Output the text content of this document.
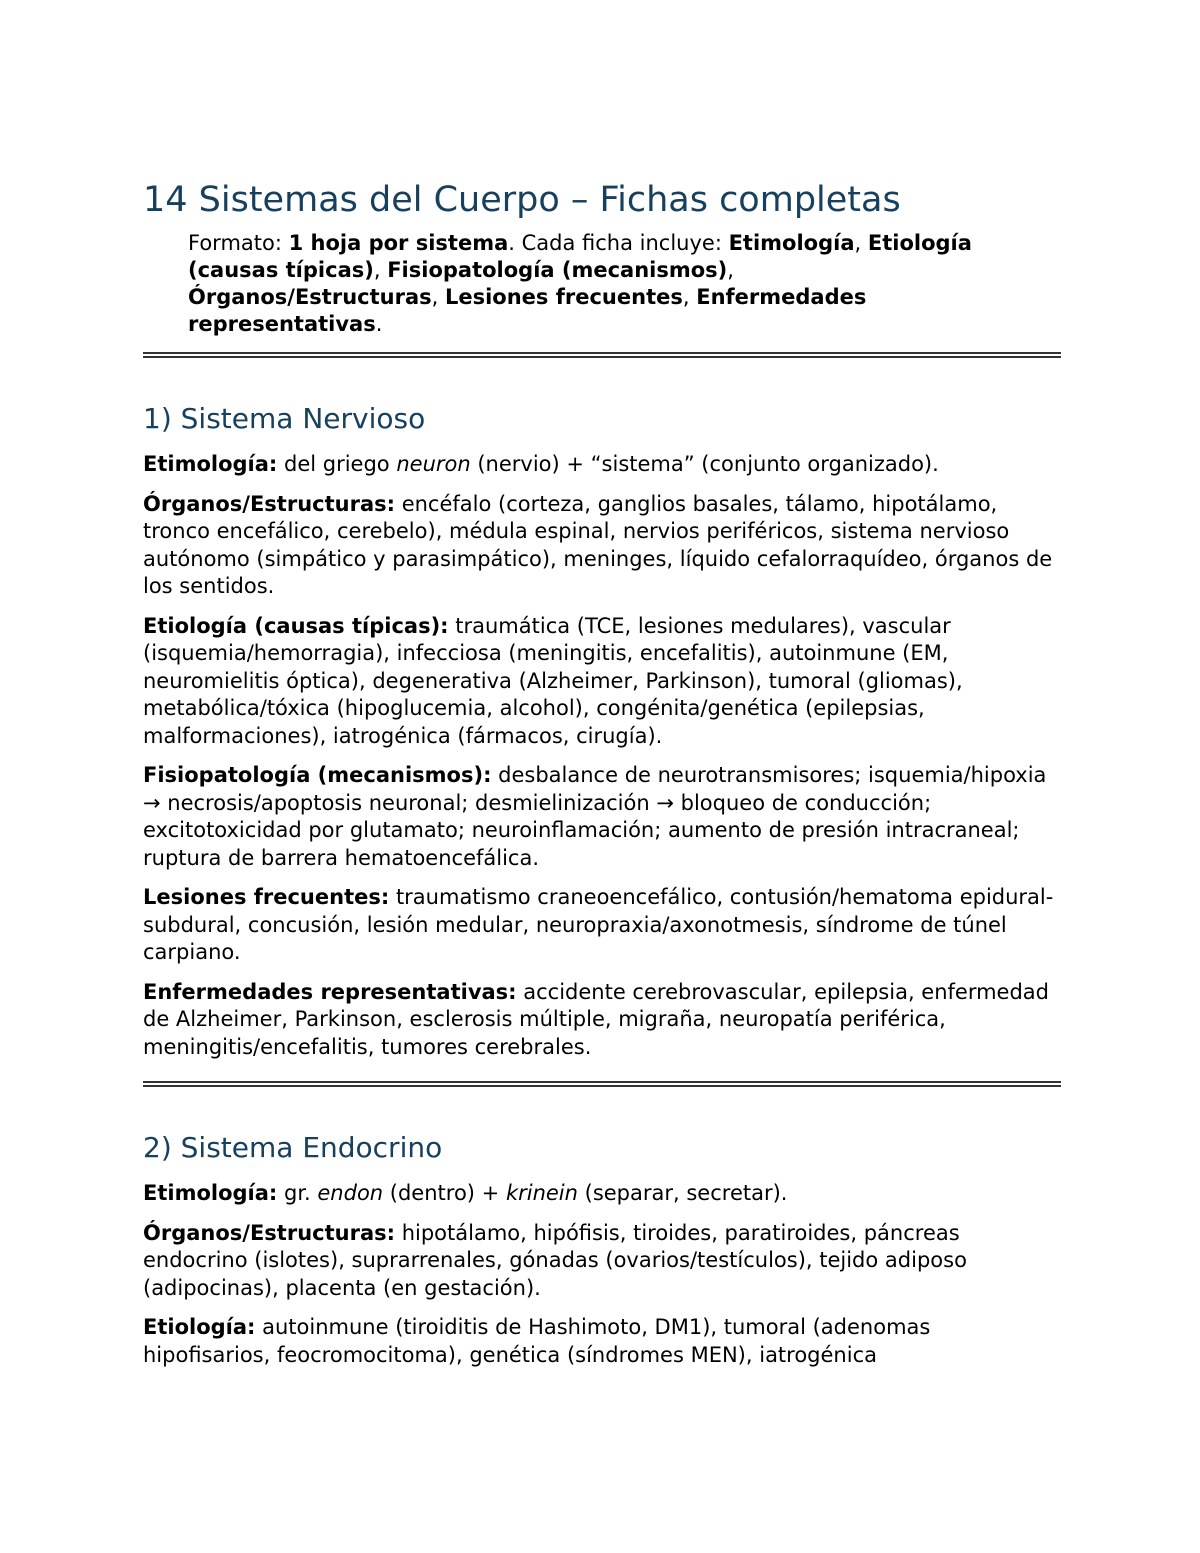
14 Sistemas del Cuerpo – Fichas completas
Formato: 1 hoja por sistema. Cada ficha incluye: Etimología, Etiología (causas típicas), Fisiopatología (mecanismos), Órganos/Estructuras, Lesiones frecuentes, Enfermedades representativas.
1) Sistema Nervioso

Etimología: del griego neuron (nervio) + “sistema” (conjunto organizado).

Órganos/Estructuras: encéfalo (corteza, ganglios basales, tálamo, hipotálamo, tronco encefálico, cerebelo), médula espinal, nervios periféricos, sistema nervioso autónomo (simpático y parasimpático), meninges, líquido cefalorraquídeo, órganos de los sentidos.

Etiología (causas típicas): traumática (TCE, lesiones medulares), vascular (isquemia/hemorragia), infecciosa (meningitis, encefalitis), autoinmune (EM, neuromielitis óptica), degenerativa (Alzheimer, Parkinson), tumoral (gliomas), metabólica/tóxica (hipoglucemia, alcohol), congénita/genética (epilepsias, malformaciones), iatrogénica (fármacos, cirugía).

Fisiopatología (mecanismos): desbalance de neurotransmisores; isquemia/hipoxia → necrosis/apoptosis neuronal; desmielinización → bloqueo de conducción; excitotoxicidad por glutamato; neuroinflamación; aumento de presión intracraneal; ruptura de barrera hematoencefálica.

Lesiones frecuentes: traumatismo craneoencefálico, contusión/hematoma epidural-subdural, concusión, lesión medular, neuropraxia/axonotmesis, síndrome de túnel carpiano.

Enfermedades representativas: accidente cerebrovascular, epilepsia, enfermedad de Alzheimer, Parkinson, esclerosis múltiple, migraña, neuropatía periférica, meningitis/encefalitis, tumores cerebrales.

2) Sistema Endocrino

Etimología: gr. endon (dentro) + krinein (separar, secretar).

Órganos/Estructuras: hipotálamo, hipófisis, tiroides, paratiroides, páncreas endocrino (islotes), suprarrenales, gónadas (ovarios/testículos), tejido adiposo (adipocinas), placenta (en gestación).

Etiología: autoinmune (tiroiditis de Hashimoto, DM1), tumoral (adenomas hipofisarios, feocromocitoma), genética (síndromes MEN), iatrogénica
